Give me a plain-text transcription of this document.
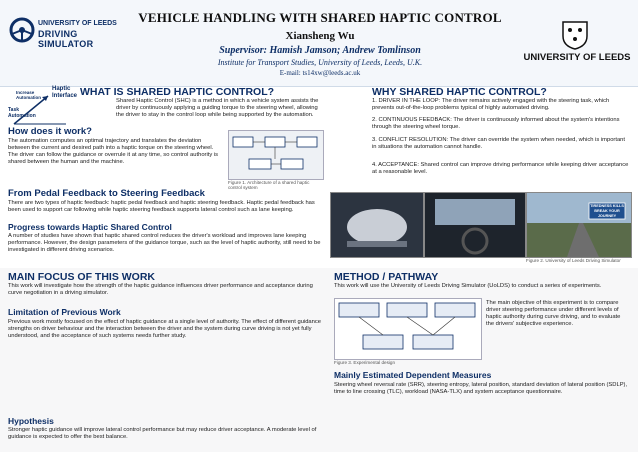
UNIVERSITY OF LEEDS
DRIVING SIMULATOR
VEHICLE HANDLING WITH SHARED HAPTIC CONTROL
Xiansheng Wu
Supervisor: Hamish Jamson; Andrew Tomlinson
Institute for Transport Studies, University of Leeds, Leeds, U.K.
E-mail: ts14xw@leeds.ac.uk
UNIVERSITY OF LEEDS
Haptic Interface
Increase Automation
Task Automation
WHAT IS SHARED HAPTIC CONTROL?
Shared Haptic Control (SHC) is a method in which a vehicle system assists the driver by continuously applying a guiding torque to the steering wheel, allowing the driver to stay in the control loop while being supported by the automation.
How does it work?
The automation computes an optimal trajectory and translates the deviation between the current and desired path into a haptic torque on the steering wheel. The driver can follow the guidance or overrule it at any time, so control authority is shared between the human and the machine.
Figure 1. Architecture of a shared haptic control system
From Pedal Feedback to Steering Feedback
There are two types of haptic feedback: haptic pedal feedback and haptic steering feedback. Haptic pedal feedback has been used to support car following while haptic steering feedback supports lateral control such as lane keeping.
Progress towards Haptic Shared Control
A number of studies have shown that haptic shared control reduces the driver's workload and improves lane keeping performance. However, the design parameters of the guidance torque, such as the level of haptic authority, still need to be investigated in different driving scenarios.
WHY SHARED HAPTIC CONTROL?
1. DRIVER IN THE LOOP: The driver remains actively engaged with the steering task, which prevents out-of-the-loop problems typical of highly automated driving.
2. CONTINUOUS FEEDBACK: The driver is continuously informed about the system's intentions through the steering wheel torque.
3. CONFLICT RESOLUTION: The driver can override the system when needed, which is important in situations the automation cannot handle.
4. ACCEPTANCE: Shared control can improve driving performance while keeping driver acceptance at a reasonable level.
TIREDNESS KILLS BREAK YOUR JOURNEY
Figure 2. University of Leeds Driving Simulator
MAIN FOCUS OF THIS WORK
This work will investigate how the strength of the haptic guidance influences driver performance and acceptance during curve negotiation in a driving simulator.
Limitation of Previous Work
Previous work mostly focused on the effect of haptic guidance at a single level of authority. The effect of different guidance strengths on driver behaviour and the interaction between the driver and the system during curve driving is not yet fully understood, and the acceptance of such systems needs further study.
Hypothesis
Stronger haptic guidance will improve lateral control performance but may reduce driver acceptance. A moderate level of guidance is expected to offer the best balance.
METHOD / PATHWAY
This work will use the University of Leeds Driving Simulator (UoLDS) to conduct a series of experiments.
Figure 3. Experimental design
The main objective of this experiment is to compare driver steering performance under different levels of haptic authority during curve driving, and to evaluate the drivers' subjective experience.
Mainly Estimated Dependent Measures
Steering wheel reversal rate (SRR), steering entropy, lateral position, standard deviation of lateral position (SDLP), time to line crossing (TLC), workload (NASA-TLX) and system acceptance questionnaire.
